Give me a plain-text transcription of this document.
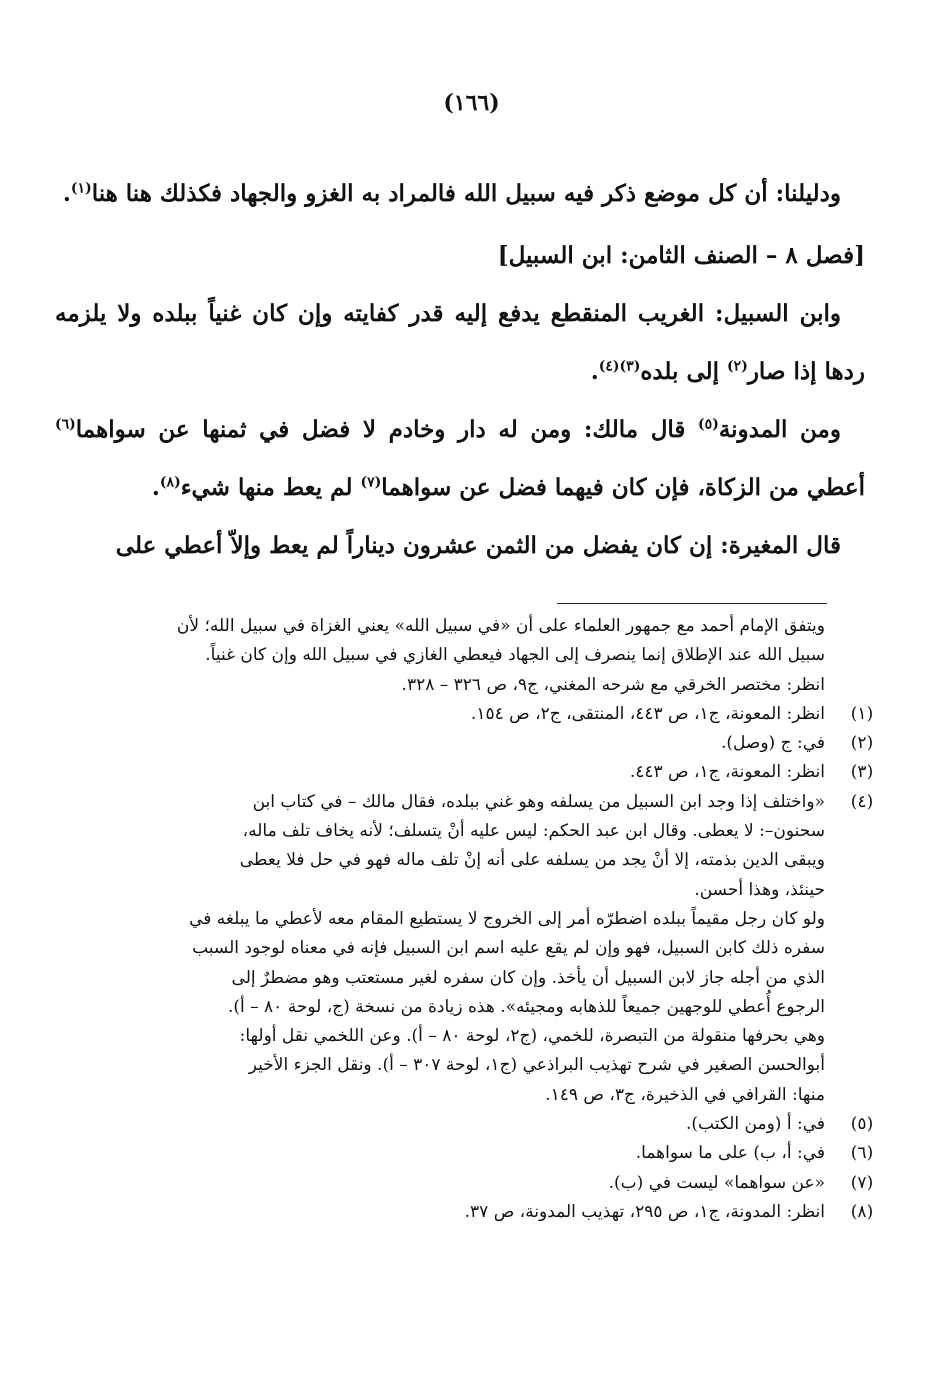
(١٦٦)

ودليلنا: أن كل موضع ذكر فيه سبيل الله فالمراد به الغزو والجهاد فكذلك هنا هنا$^{(١)}$.

[فصل ٨ – الصنف الثامن: ابن السبيل]

وابن السبيل: الغريب المنقطع يدفع إليه قدر كفايته وإن كان غنياً ببلده ولا يلزمه ردها إذا صار$^{(٢)}$ إلى بلده$^{(٣)(٤)}$.

ومن المدونة$^{(٥)}$ قال مالك: ومن له دار وخادم لا فضل في ثمنها عن سواهما$^{(٦)}$ أعطي من الزكاة، فإن كان فيهما فضل عن سواهما$^{(٧)}$ لم يعط منها شيء$^{(٨)}$.

قال المغيرة: إن كان يفضل من الثمن عشرون ديناراً لم يعط وإلاّ أعطي على

ويتفق الإمام أحمد مع جمهور العلماء على أن «في سبيل الله» يعني الغزاة في سبيل الله؛ لأن
سبيل الله عند الإطلاق إنما ينصرف إلى الجهاد فيعطي الغازي في سبيل الله وإن كان غنياً.
انظر: مختصر الخرقي مع شرحه المغني، ج٩، ص ٣٢٦ – ٣٢٨.
(١)
انظر: المعونة، ج١، ص ٤٤٣، المنتقى، ج٢، ص ١٥٤.
(٢)
في: ج (وصل).
(٣)
انظر: المعونة، ج١، ص ٤٤٣.
(٤)
«واختلف إذا وجد ابن السبيل من يسلفه وهو غني ببلده، فقال مالك – في كتاب ابن
سحنون–: لا يعطى. وقال ابن عبد الحكم: ليس عليه أنْ يتسلف؛ لأنه يخاف تلف ماله،
ويبقى الدين بذمته، إلا أنْ يجد من يسلفه على أنه إنْ تلف ماله فهو في حل فلا يعطى
حينئذ، وهذا أحسن.
ولو كان رجل مقيماً ببلده اضطرّه أمر إلى الخروج لا يستطيع المقام معه لأعطي ما يبلغه في
سفره ذلك كابن السبيل، فهو وإن لم يقع عليه اسم ابن السبيل فإنه في معناه لوجود السبب
الذي من أجله جاز لابن السبيل أن يأخذ. وإن كان سفره لغير مستعتب وهو مضطرٌ إلى
الرجوع أُعطي للوجهين جميعاً للذهابه ومجيئه». هذه زيادة من نسخة (ج، لوحة ٨٠ – أ).
وهي بحرفها منقولة من التبصرة، للخمي، (ج٢، لوحة ٨٠ – أ). وعن اللخمي نقل أولها:
أبوالحسن الصغير في شرح تهذيب البراذعي (ج١، لوحة ٣٠٧ – أ). ونقل الجزء الأخير
منها: القرافي في الذخيرة، ج٣، ص ١٤٩.
(٥)
في: أ (ومن الكتب).
(٦)
في: أ، ب) على ما سواهما.
(٧)
«عن سواهما» ليست في (ب).
(٨)
انظر: المدونة، ج١، ص ٢٩٥، تهذيب المدونة، ص ٣٧.
